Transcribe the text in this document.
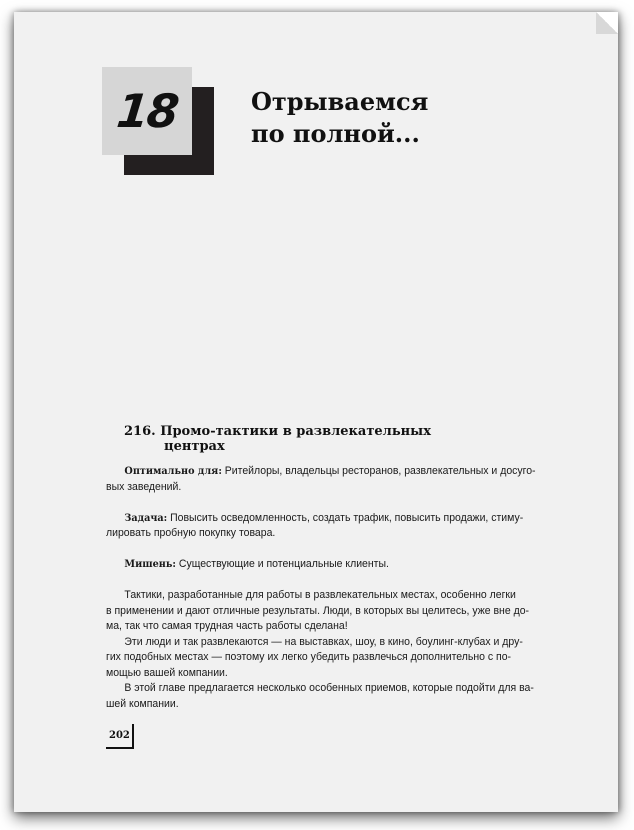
18	Отрываемся
по полной...
216. Промо-тактики в развлекательных
центрах

Оптимально для: Ритейлоры, владельцы ресторанов, развлекательных и досуго-
вых заведений.

Задача: Повысить осведомленность, создать трафик, повысить продажи, стиму-
лировать пробную покупку товара.

Мишень: Существующие и потенциальные клиенты.

Тактики, разработанные для работы в развлекательных местах, особенно легки
в применении и дают отличные результаты. Люди, в которых вы целитесь, уже вне до-
ма, так что самая трудная часть работы сделана!

Эти люди и так развлекаются — на выставках, шоу, в кино, боулинг-клубах и дру-
гих подобных местах — поэтому их легко убедить развлечься дополнительно с по-
мощью вашей компании.

В этой главе предлагается несколько особенных приемов, которые подойти для ва-
шей компании.

202
